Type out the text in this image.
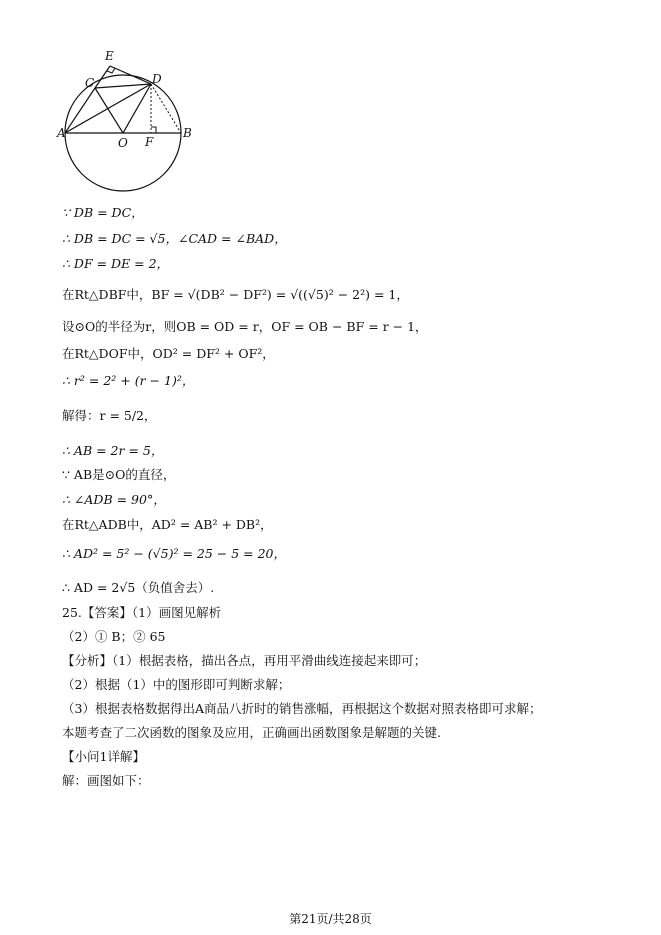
E
C	D
A
O F
B
∵ DB = DC，
∴ DB = DC = √5，∠CAD = ∠BAD，
∴ DF = DE = 2，
在Rt△DBF中，BF = √(DB² − DF²) = √((√5)² − 2²) = 1，
设⊙O的半径为r，则OB = OD = r，OF = OB − BF = r − 1，
在Rt△DOF中，OD² = DF² + OF²，
∴ r² = 2² + (r − 1)²，
解得：r = 5/2，
∴ AB = 2r = 5，
∵ AB是⊙O的直径，
∴ ∠ADB = 90°，
在Rt△ADB中，AD² = AB² + DB²，
∴ AD² = 5² − (√5)² = 25 − 5 = 20，
∴ AD = 2√5（负值舍去）.
25.【答案】（1）画图见解析
（2）① B；② 65
【分析】（1）根据表格，描出各点，再用平滑曲线连接起来即可；
（2）根据（1）中的图形即可判断求解；
（3）根据表格数据得出A商品八折时的销售涨幅，再根据这个数据对照表格即可求解；
本题考查了二次函数的图象及应用，正确画出函数图象是解题的关键.
【小问1详解】
解：画图如下：
第21页/共28页
